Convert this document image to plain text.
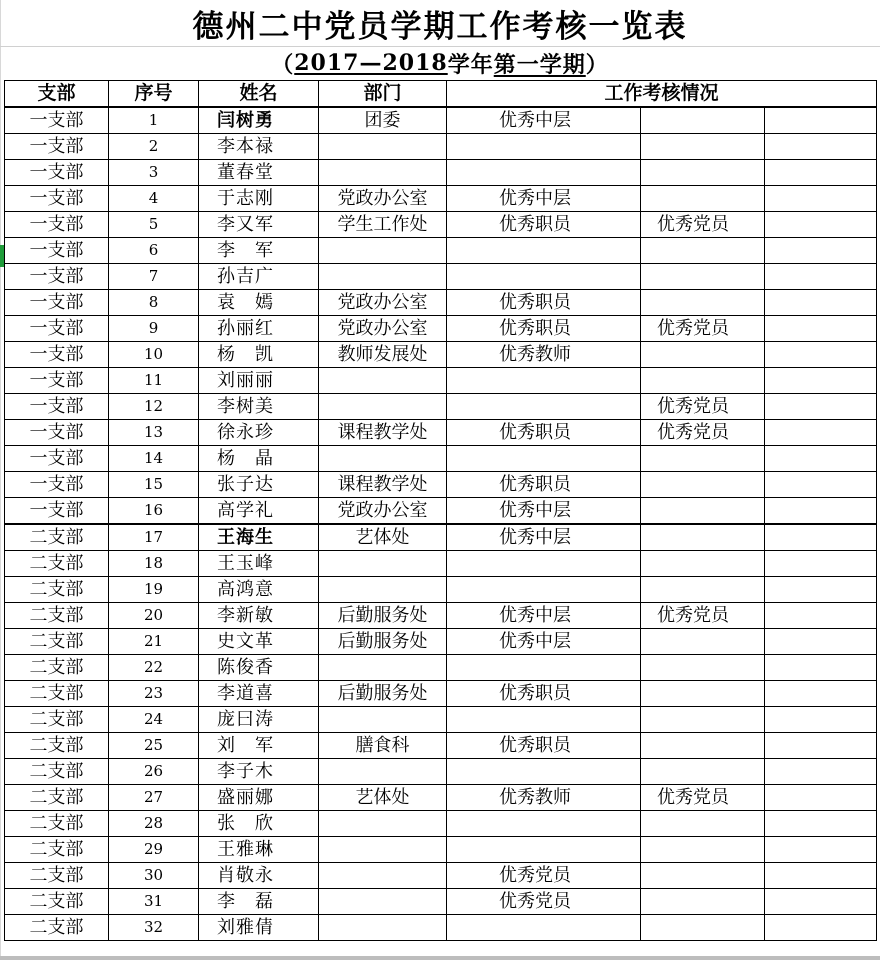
德州二中党员学期工作考核一览表
（ 2017—2018 学年 第一学期 ）
支部	序号	姓名	部门	工作考核情况		
一支部	1	闫树勇	团委	优秀中层		
一支部	2	李本禄				
一支部	3	董春堂				
一支部	4	于志刚	党政办公室	优秀中层		
一支部	5	李又军	学生工作处	优秀职员	优秀党员	
一支部	6	李　军				
一支部	7	孙吉广				
一支部	8	袁　嫣	党政办公室	优秀职员		
一支部	9	孙丽红	党政办公室	优秀职员	优秀党员	
一支部	10	杨　凯	教师发展处	优秀教师		
一支部	11	刘丽丽				
一支部	12	李树美			优秀党员	
一支部	13	徐永珍	课程教学处	优秀职员	优秀党员	
一支部	14	杨　晶				
一支部	15	张子达	课程教学处	优秀职员		
一支部	16	高学礼	党政办公室	优秀中层		
二支部	17	王海生	艺体处	优秀中层		
二支部	18	王玉峰				
二支部	19	高鸿意				
二支部	20	李新敏	后勤服务处	优秀中层	优秀党员	
二支部	21	史文革	后勤服务处	优秀中层		
二支部	22	陈俊香				
二支部	23	李道喜	后勤服务处	优秀职员		
二支部	24	庞曰涛				
二支部	25	刘　军	膳食科	优秀职员		
二支部	26	李子木				
二支部	27	盛丽娜	艺体处	优秀教师	优秀党员	
二支部	28	张　欣				
二支部	29	王雅琳				
二支部	30	肖敬永		优秀党员		
二支部	31	李　磊		优秀党员		
二支部	32	刘雅倩				
